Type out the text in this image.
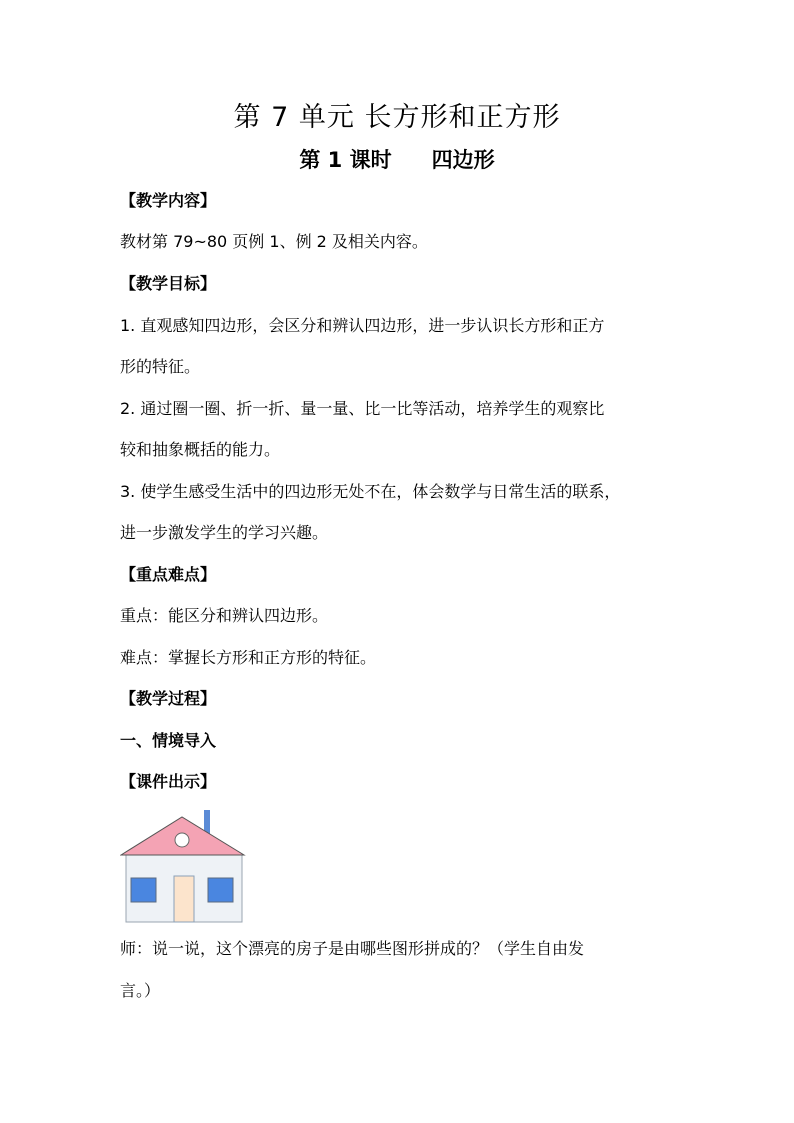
第 7 单元 长方形和正方形
第 1 课时 四边形
【教学内容】
教材第 79~80 页例 1、例 2 及相关内容。
【教学目标】
1. 直观感知四边形，会区分和辨认四边形，进一步认识长方形和正方
形的特征。
2. 通过圈一圈、折一折、量一量、比一比等活动，培养学生的观察比
较和抽象概括的能力。
3. 使学生感受生活中的四边形无处不在，体会数学与日常生活的联系，
进一步激发学生的学习兴趣。
【重点难点】
重点：能区分和辨认四边形。
难点：掌握长方形和正方形的特征。
【教学过程】
一、情境导入
【课件出示】
师：说一说，这个漂亮的房子是由哪些图形拼成的？（学生自由发
言。）
